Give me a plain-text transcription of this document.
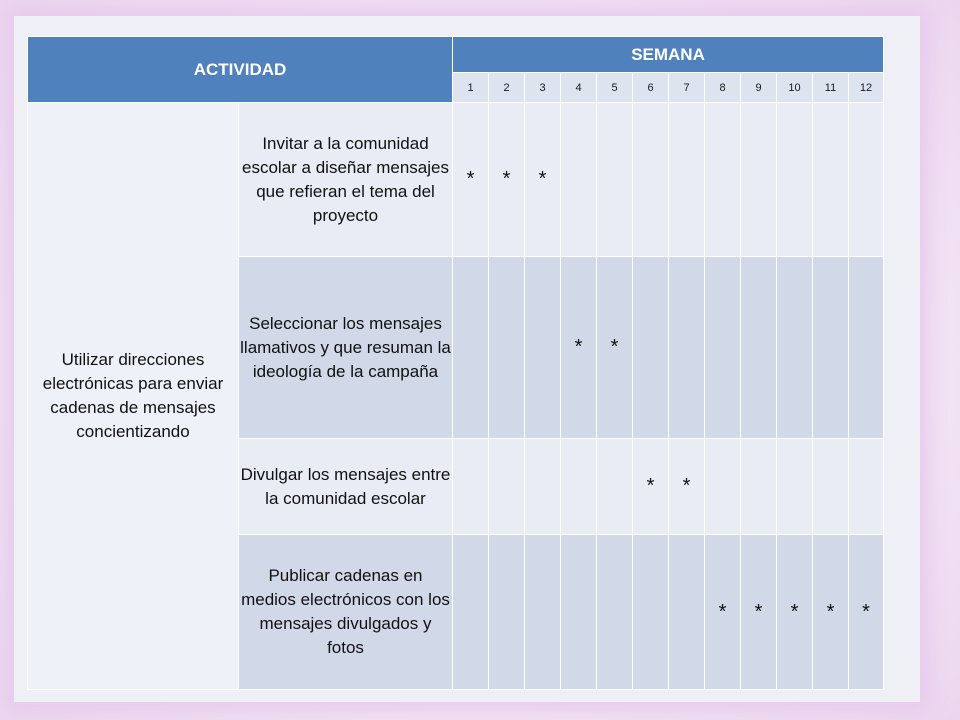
ACTIVIDAD		SEMANA											
		1	2	3	4	5	6	7	8	9	10	11	12
Utilizar direcciones electrónicas para enviar cadenas de mensajes concientizando	Invitar a la comunidad escolar a diseñar mensajes que refieran el tema del proyecto	*	*	*									
	Seleccionar los mensajes llamativos y que resuman la ideología de la campaña				*	*							
	Divulgar los mensajes entre la comunidad escolar						*	*					
	Publicar cadenas en medios electrónicos con los mensajes divulgados y fotos								*	*	*	*	*
